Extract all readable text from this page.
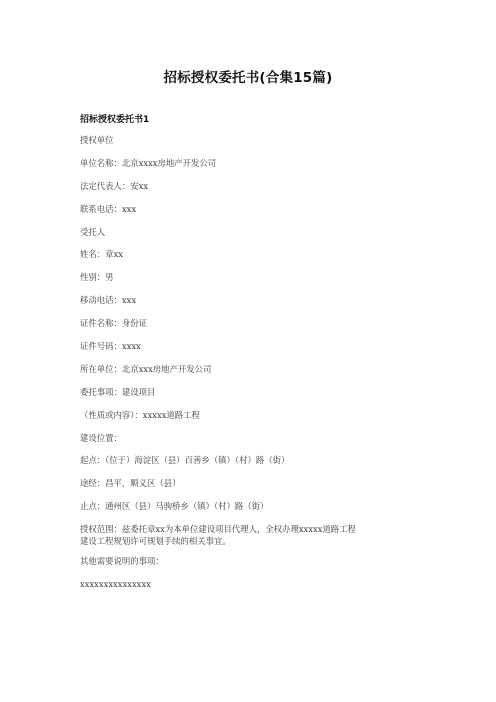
招标授权委托书(合集15篇)
招标授权委托书1

授权单位

单位名称：北京xxxx房地产开发公司

法定代表人：安xx

联系电话：xxx

受托人

姓名：章xx

性别：男

移动电话：xxx

证件名称：身份证

证件号码：xxxx

所在单位：北京xxx房地产开发公司

委托事项：建设项目

（性质或内容）：xxxxx道路工程

建设位置：

起点：（位于）海淀区（县）百善乡（镇）（村）路（街）

途经：昌平，顺义区（县）

止点：通州区（县）马驹桥乡（镇）（村）路（街）

授权范围：兹委托章xx为本单位建设项目代理人，全权办理xxxxx道路工程
建设工程规划许可规划手续的相关事宜。

其他需要说明的事项：

xxxxxxxxxxxxxxx
